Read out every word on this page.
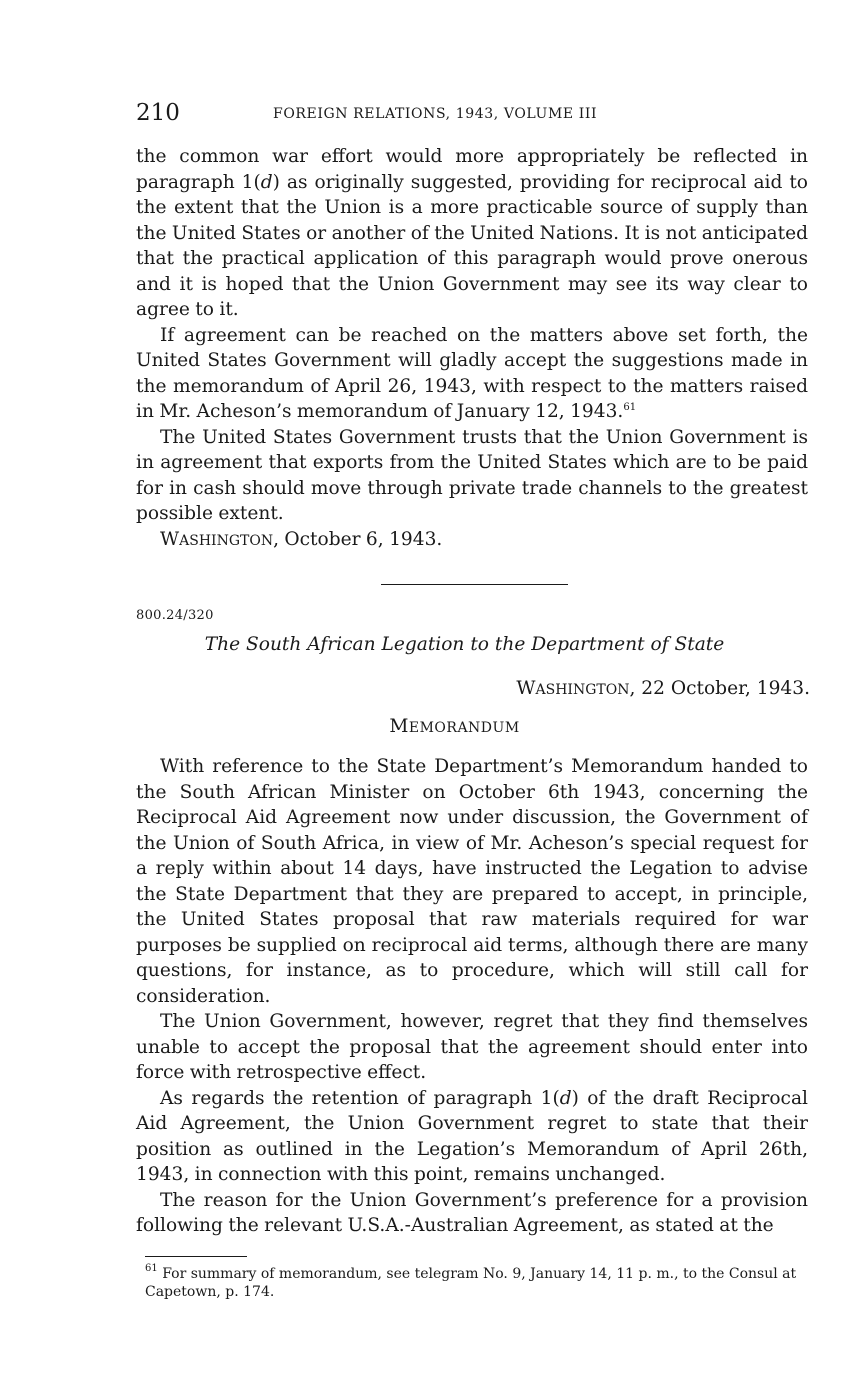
210	FOREIGN RELATIONS, 1943, VOLUME III

the common war effort would more appropriately be reflected in paragraph 1(d) as originally suggested, providing for reciprocal aid to the extent that the Union is a more practicable source of supply than the United States or another of the United Nations. It is not anticipated that the practical application of this paragraph would prove onerous and it is hoped that the Union Government may see its way clear to agree to it.

If agreement can be reached on the matters above set forth, the United States Government will gladly accept the suggestions made in the memorandum of April 26, 1943, with respect to the matters raised in Mr. Acheson’s memorandum of January 12, 1943.61

The United States Government trusts that the Union Government is in agreement that exports from the United States which are to be paid for in cash should move through private trade channels to the greatest possible extent.

WASHINGTON, October 6, 1943.

800.24/320
The South African Legation to the Department of State
WASHINGTON, 22 October, 1943.
MEMORANDUM

With reference to the State Department’s Memorandum handed to the South African Minister on October 6th 1943, concerning the Reciprocal Aid Agreement now under discussion, the Government of the Union of South Africa, in view of Mr. Acheson’s special request for a reply within about 14 days, have instructed the Legation to advise the State Department that they are prepared to accept, in principle, the United States proposal that raw materials required for war purposes be supplied on reciprocal aid terms, although there are many questions, for instance, as to procedure, which will still call for consideration.

The Union Government, however, regret that they find themselves unable to accept the proposal that the agreement should enter into force with retrospective effect.

As regards the retention of paragraph 1(d) of the draft Reciprocal Aid Agreement, the Union Government regret to state that their position as outlined in the Legation’s Memorandum of April 26th, 1943, in connection with this point, remains unchanged.

The reason for the Union Government’s preference for a provision following the relevant U.S.A.-Australian Agreement, as stated at the

$^{61}$ For summary of memorandum, see telegram No. 9, January 14, 11 p. m., to the Consul at Capetown, p. 174.
